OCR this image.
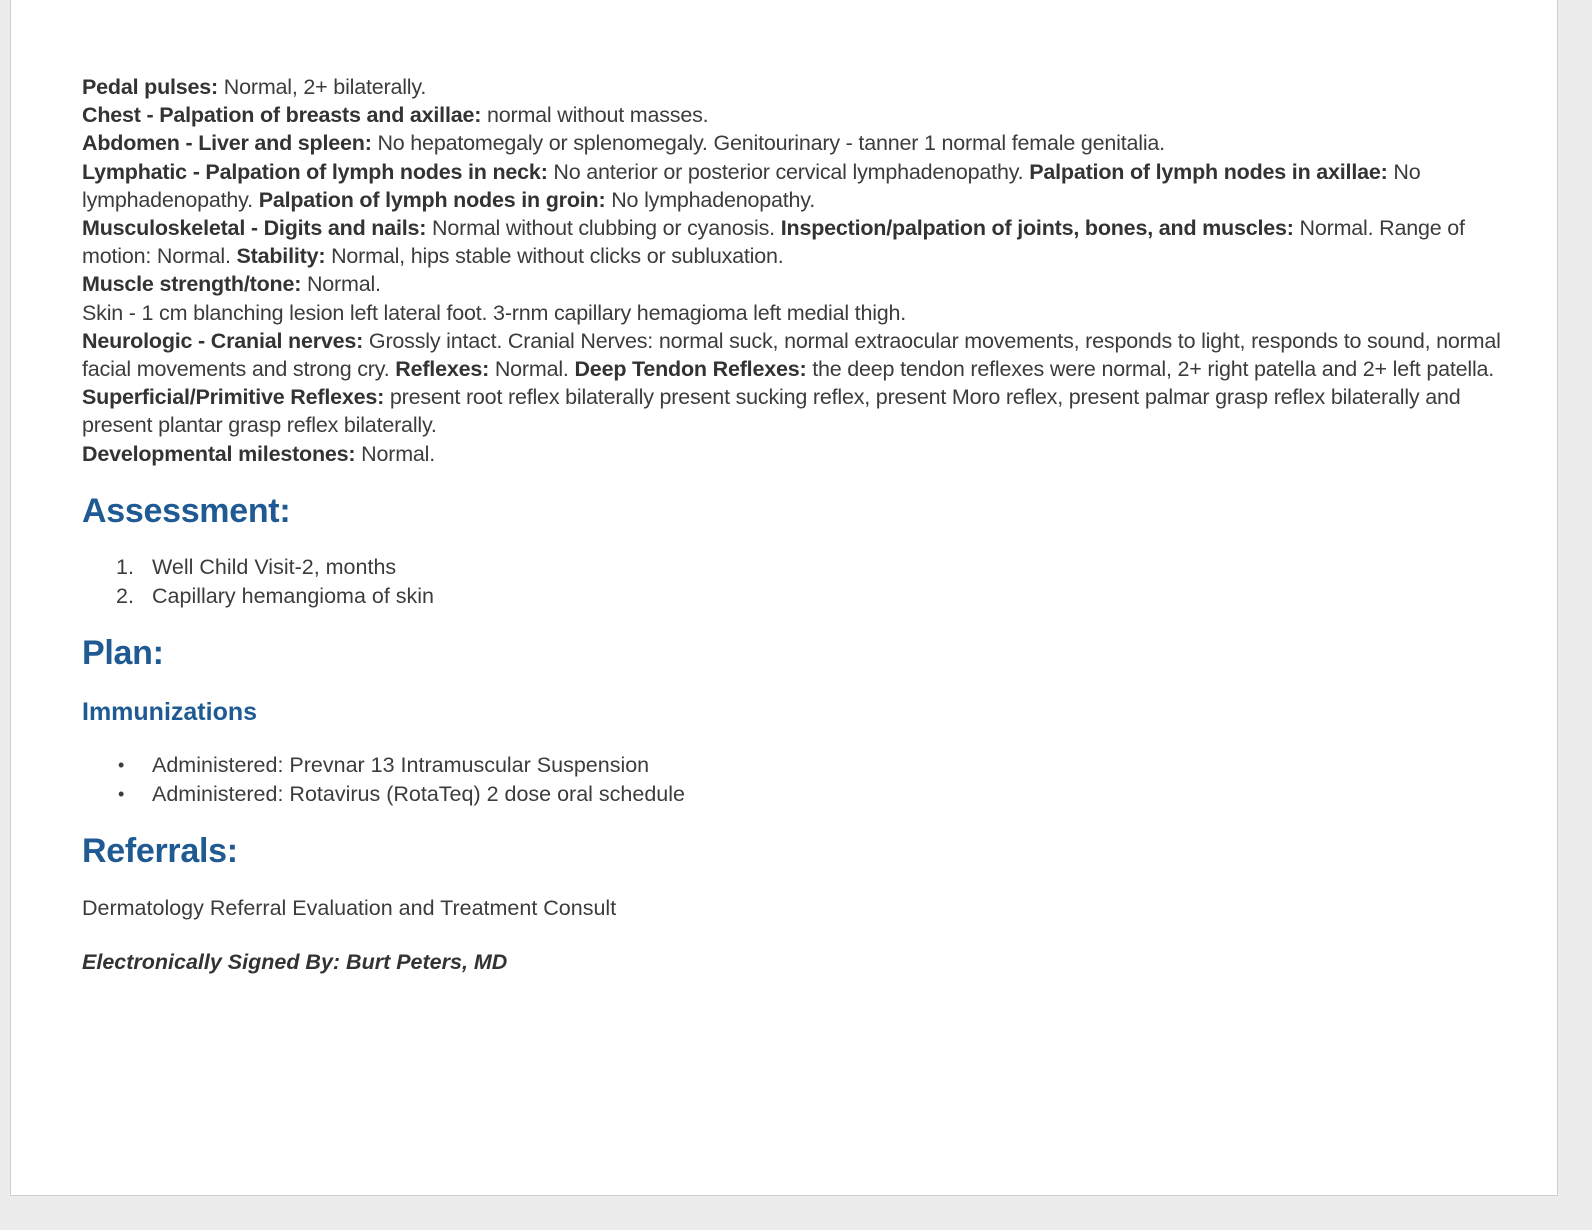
Pedal pulses: Normal, 2+ bilaterally.
Chest - Palpation of breasts and axillae: normal without masses.
Abdomen - Liver and spleen: No hepatomegaly or splenomegaly. Genitourinary - tanner 1 normal female genitalia.
Lymphatic - Palpation of lymph nodes in neck: No anterior or posterior cervical lymphadenopathy. Palpation of lymph nodes in axillae: No lymphadenopathy. Palpation of lymph nodes in groin: No lymphadenopathy.
Musculoskeletal - Digits and nails: Normal without clubbing or cyanosis. Inspection/palpation of joints, bones, and muscles: Normal. Range of motion: Normal. Stability: Normal, hips stable without clicks or subluxation.
Muscle strength/tone: Normal.
Skin - 1 cm blanching lesion left lateral foot. 3-rnm capillary hemagioma left medial thigh.
Neurologic - Cranial nerves: Grossly intact. Cranial Nerves: normal suck, normal extraocular movements, responds to light, responds to sound, normal facial movements and strong cry. Reflexes: Normal. Deep Tendon Reflexes: the deep tendon reflexes were normal, 2+ right patella and 2+ left patella. Superficial/Primitive Reflexes: present root reflex bilaterally present sucking reflex, present Moro reflex, present palmar grasp reflex bilaterally and present plantar grasp reflex bilaterally.
Developmental milestones: Normal.
Assessment:
1. Well Child Visit-2, months
2. Capillary hemangioma of skin
Plan:
Immunizations
• Administered: Prevnar 13 Intramuscular Suspension
• Administered: Rotavirus (RotaTeq) 2 dose oral schedule
Referrals:
Dermatology Referral Evaluation and Treatment Consult
Electronically Signed By: Burt Peters, MD
